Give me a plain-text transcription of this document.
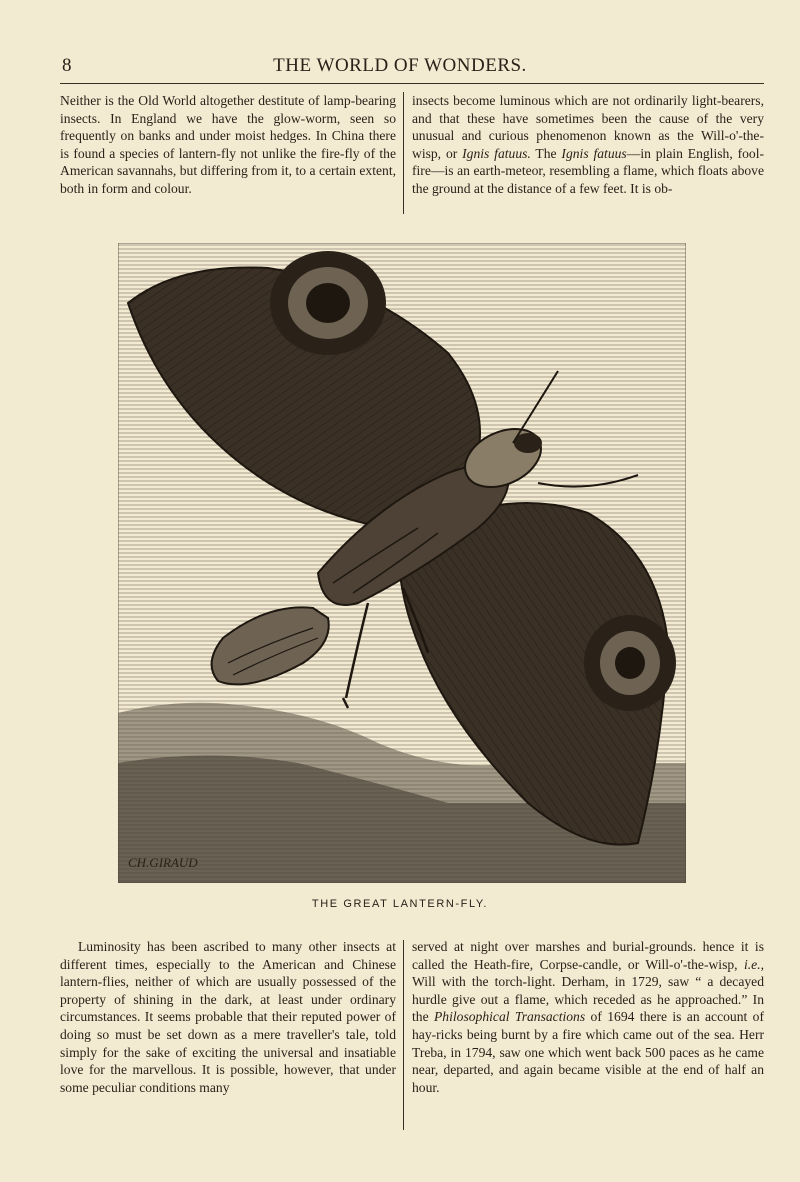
8	THE WORLD OF WONDERS.

Neither is the Old World altogether destitute of lamp-bearing insects. In England we have the glow-worm, seen so frequently on banks and under moist hedges. In China there is found a species of lantern-fly not unlike the fire-fly of the American savannahs, but differing from it, to a certain extent, both in form and colour.

insects become luminous which are not ordinarily light-bearers, and that these have sometimes been the cause of the very unusual and curious phenomenon known as the Will-o'-the-wisp, or Ignis fatuus. The Ignis fatuus—in plain English, fool-fire—is an earth-meteor, resembling a flame, which floats above the ground at the distance of a few feet. It is ob-

CH.GIRAUD
THE GREAT LANTERN-FLY.

Luminosity has been ascribed to many other insects at different times, especially to the American and Chinese lantern-flies, neither of which are usually possessed of the property of shining in the dark, at least under ordinary circumstances. It seems probable that their reputed power of doing so must be set down as a mere traveller's tale, told simply for the sake of exciting the universal and insatiable love for the marvellous. It is possible, however, that under some peculiar conditions many

served at night over marshes and burial-grounds. hence it is called the Heath-fire, Corpse-candle, or Will-o'-the-wisp, i.e., Will with the torch-light. Derham, in 1729, saw “ a decayed hurdle give out a flame, which receded as he approached.” In the Philosophical Transactions of 1694 there is an account of hay-ricks being burnt by a fire which came out of the sea. Herr Treba, in 1794, saw one which went back 500 paces as he came near, departed, and again became visible at the end of half an hour.
